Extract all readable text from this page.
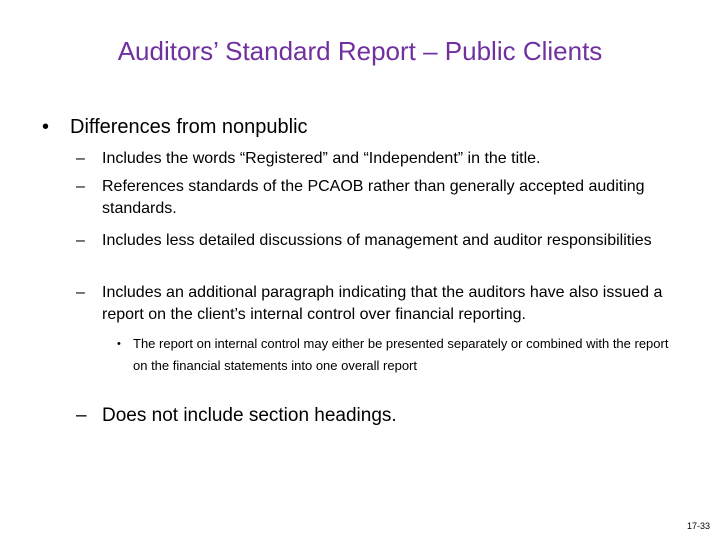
Auditors’ Standard Report – Public Clients
• Differences from nonpublic
– Includes the words “Registered” and “Independent” in the title.
– References standards of the PCAOB rather than generally accepted auditing standards.
– Includes less detailed discussions of management and auditor responsibilities
– Includes an additional paragraph indicating that the auditors have also issued a report on the client’s internal control over financial reporting.
• The report on internal control may either be presented separately or combined with the report on the financial statements into one overall report
– Does not include section headings.
17-33
